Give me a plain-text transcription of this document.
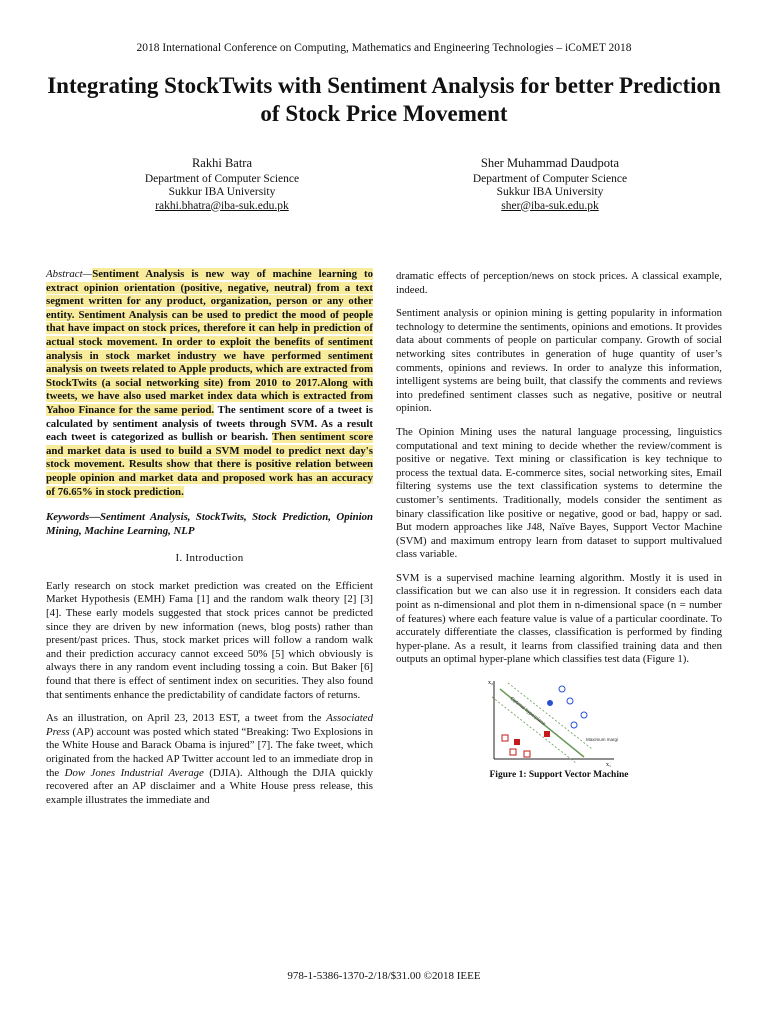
2018 International Conference on Computing, Mathematics and Engineering Technologies – iCoMET 2018
Integrating StockTwits with Sentiment Analysis for better Prediction of Stock Price Movement
Rakhi Batra
Department of Computer Science
Sukkur IBA University
rakhi.bhatra@iba-suk.edu.pk
Sher Muhammad Daudpota
Department of Computer Science
Sukkur IBA University
sher@iba-suk.edu.pk

Abstract—Sentiment Analysis is new way of machine learning to extract opinion orientation (positive, negative, neutral) from a text segment written for any product, organization, person or any other entity. Sentiment Analysis can be used to predict the mood of people that have impact on stock prices, therefore it can help in prediction of actual stock movement. In order to exploit the benefits of sentiment analysis in stock market industry we have performed sentiment analysis on tweets related to Apple products, which are extracted from StockTwits (a social networking site) from 2010 to 2017.Along with tweets, we have also used market index data which is extracted from Yahoo Finance for the same period. The sentiment score of a tweet is calculated by sentiment analysis of tweets through SVM. As a result each tweet is categorized as bullish or bearish. Then sentiment score and market data is used to build a SVM model to predict next day's stock movement. Results show that there is positive relation between people opinion and market data and proposed work has an accuracy of 76.65% in stock prediction.

Keywords—Sentiment Analysis, StockTwits, Stock Prediction, Opinion Mining, Machine Learning, NLP

I. Introduction

Early research on stock market prediction was created on the Efficient Market Hypothesis (EMH) Fama [1] and the random walk theory [2] [3] [4]. These early models suggested that stock prices cannot be predicted since they are driven by new information (news, blog posts) rather than present/past prices. Thus, stock market prices will follow a random walk and their prediction accuracy cannot exceed 50% [5] which obviously is always there in any random event including tossing a coin. But Baker [6] found that there is effect of sentiment index on securities. They also found that sentiments enhance the predictability of candidate factors of returns.

As an illustration, on April 23, 2013 EST, a tweet from the Associated Press (AP) account was posted which stated “Breaking: Two Explosions in the White House and Barack Obama is injured” [7]. The fake tweet, which originated from the hacked AP Twitter account led to an immediate drop in the Dow Jones Industrial Average (DJIA). Although the DJIA quickly recovered after an AP disclaimer and a White House press release, this example illustrates the immediate and

dramatic effects of perception/news on stock prices. A classical example, indeed.

Sentiment analysis or opinion mining is getting popularity in information technology to determine the sentiments, opinions and emotions. It provides data about comments of people on particular company. Growth of social networking sites contributes in generation of huge quantity of user’s comments, opinions and reviews. In order to analyze this information, intelligent systems are being built, that classify the comments and reviews into predefined sentiment classes such as negative, positive or neutral opinion.

The Opinion Mining uses the natural language processing, linguistics computational and text mining to decide whether the review/comment is positive or negative. Text mining or classification is key technique to process the textual data. E-commerce sites, social networking sites, Email filtering systems use the text classification systems to determine the customer’s sentiments. Traditionally, models consider the sentiment as binary classification like positive or negative, good or bad, happy or sad. But modern approaches like J48, Naïve Bayes, Support Vector Machine (SVM) and maximum entropy learn from dataset to support multivalued class variable.

SVM is a supervised machine learning algorithm. Mostly it is used in classification but we can also use it in regression. It considers each data point as n-dimensional and plot them in n-dimensional space (n = number of features) where each feature value is value of a particular coordinate. To accurately differentiate the classes, classification is performed by finding hyper-plane. As a result, it learns from classified training data and then outputs an optimal hyper-plane which classifies test data (Figure 1).

x₂
x₁
Optimal hyperplane
Maximum margin
Figure 1: Support Vector Machine
978-1-5386-1370-2/18/$31.00 ©2018 IEEE
